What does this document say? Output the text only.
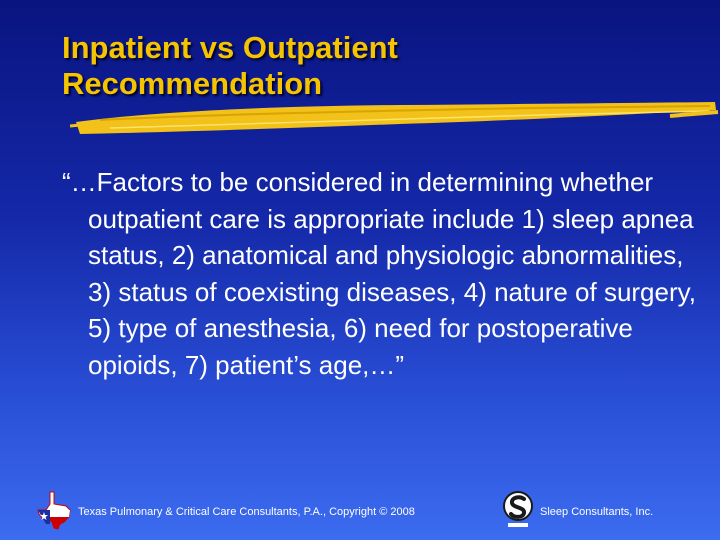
Inpatient vs Outpatient
Recommendation
“…Factors to be considered in determining whether outpatient care is appropriate include 1) sleep apnea status, 2) anatomical and physiologic abnormalities, 3) status of coexisting diseases, 4) nature of surgery, 5) type of anesthesia, 6) need for postoperative opioids, 7) patient’s age,…”
Texas Pulmonary & Critical Care Consultants, P.A., Copyright © 2008	Sleep Consultants, Inc.
